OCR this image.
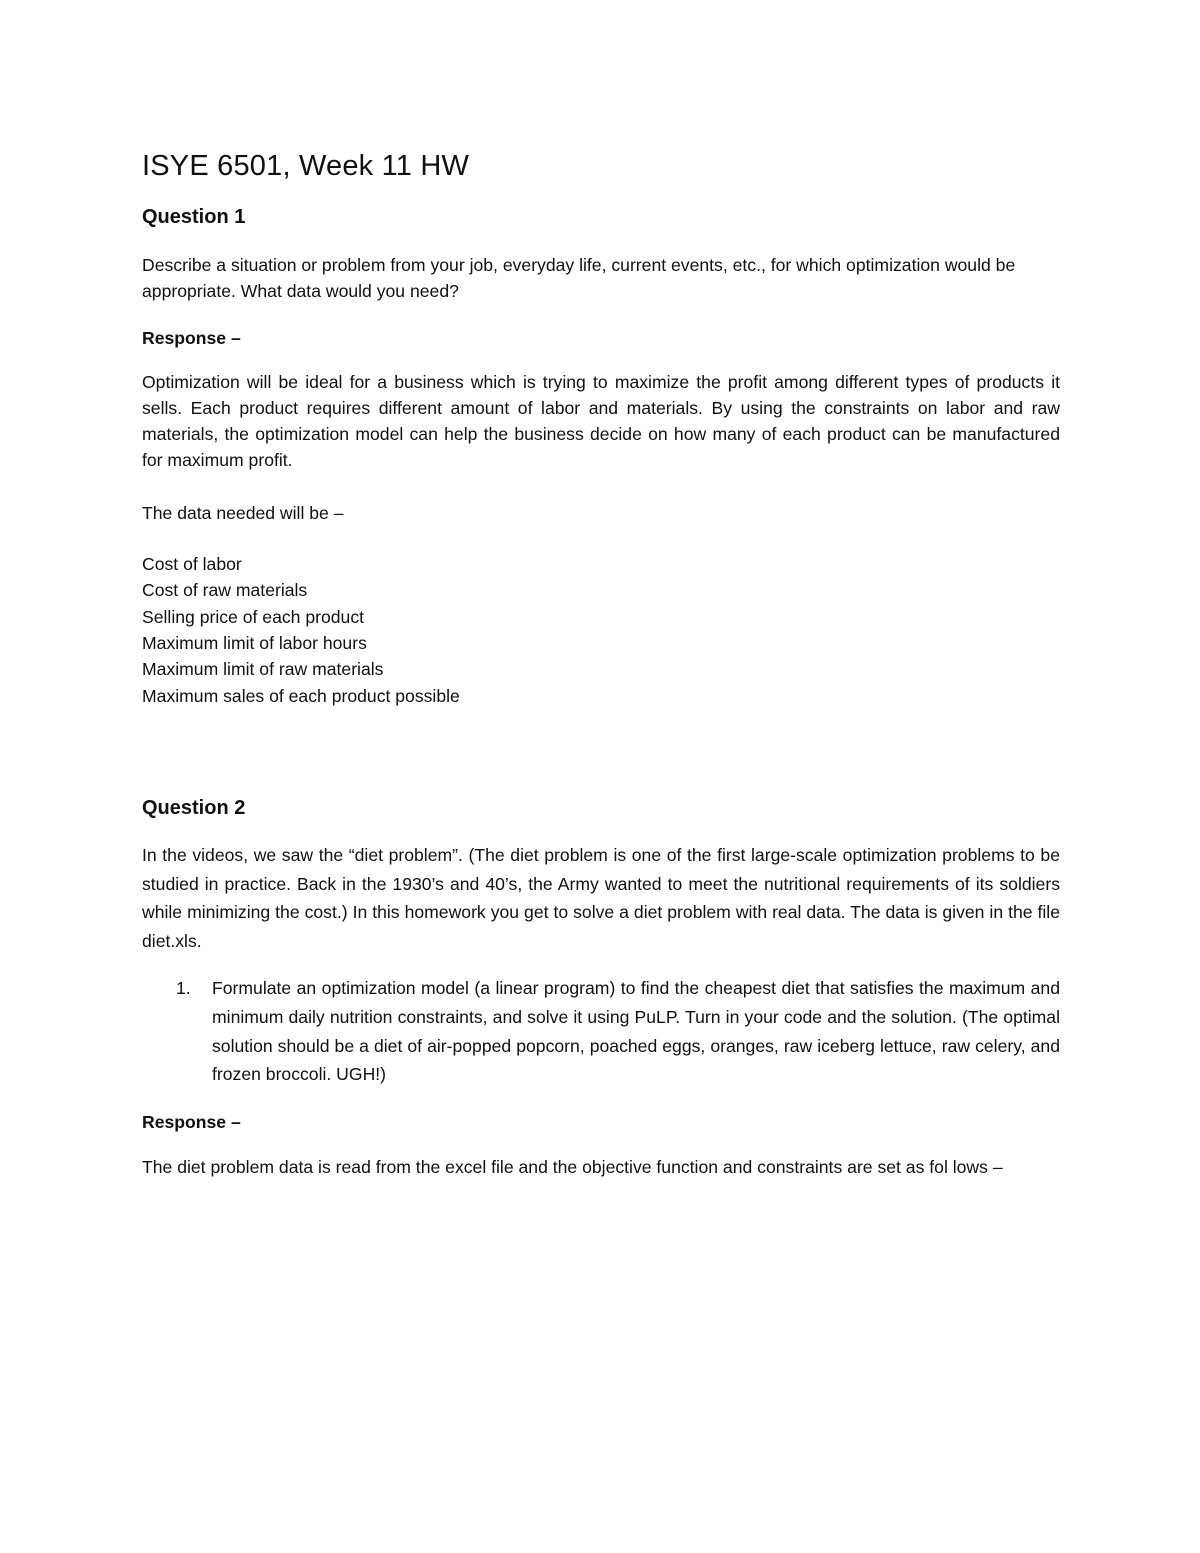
ISYE 6501, Week 11 HW
Question 1

Describe a situation or problem from your job, everyday life, current events, etc., for which optimization would be appropriate. What data would you need?

Response –

Optimization will be ideal for a business which is trying to maximize the profit among different types of products it sells. Each product requires different amount of labor and materials. By using the constraints on labor and raw materials, the optimization model can help the business decide on how many of each product can be manufactured for maximum profit.

The data needed will be –

Cost of labor
Cost of raw materials
Selling price of each product
Maximum limit of labor hours
Maximum limit of raw materials
Maximum sales of each product possible
Question 2

In the videos, we saw the “diet problem”. (The diet problem is one of the first large-scale optimization problems to be studied in practice. Back in the 1930’s and 40’s, the Army wanted to meet the nutritional requirements of its soldiers while minimizing the cost.) In this homework you get to solve a diet problem with real data. The data is given in the file diet.xls.

1. Formulate an optimization model (a linear program) to find the cheapest diet that satisfies the maximum and minimum daily nutrition constraints, and solve it using PuLP. Turn in your code and the solution. (The optimal solution should be a diet of air-popped popcorn, poached eggs, oranges, raw iceberg lettuce, raw celery, and frozen broccoli. UGH!)

Response –

The diet problem data is read from the excel file and the objective function and constraints are set as fol lows –
